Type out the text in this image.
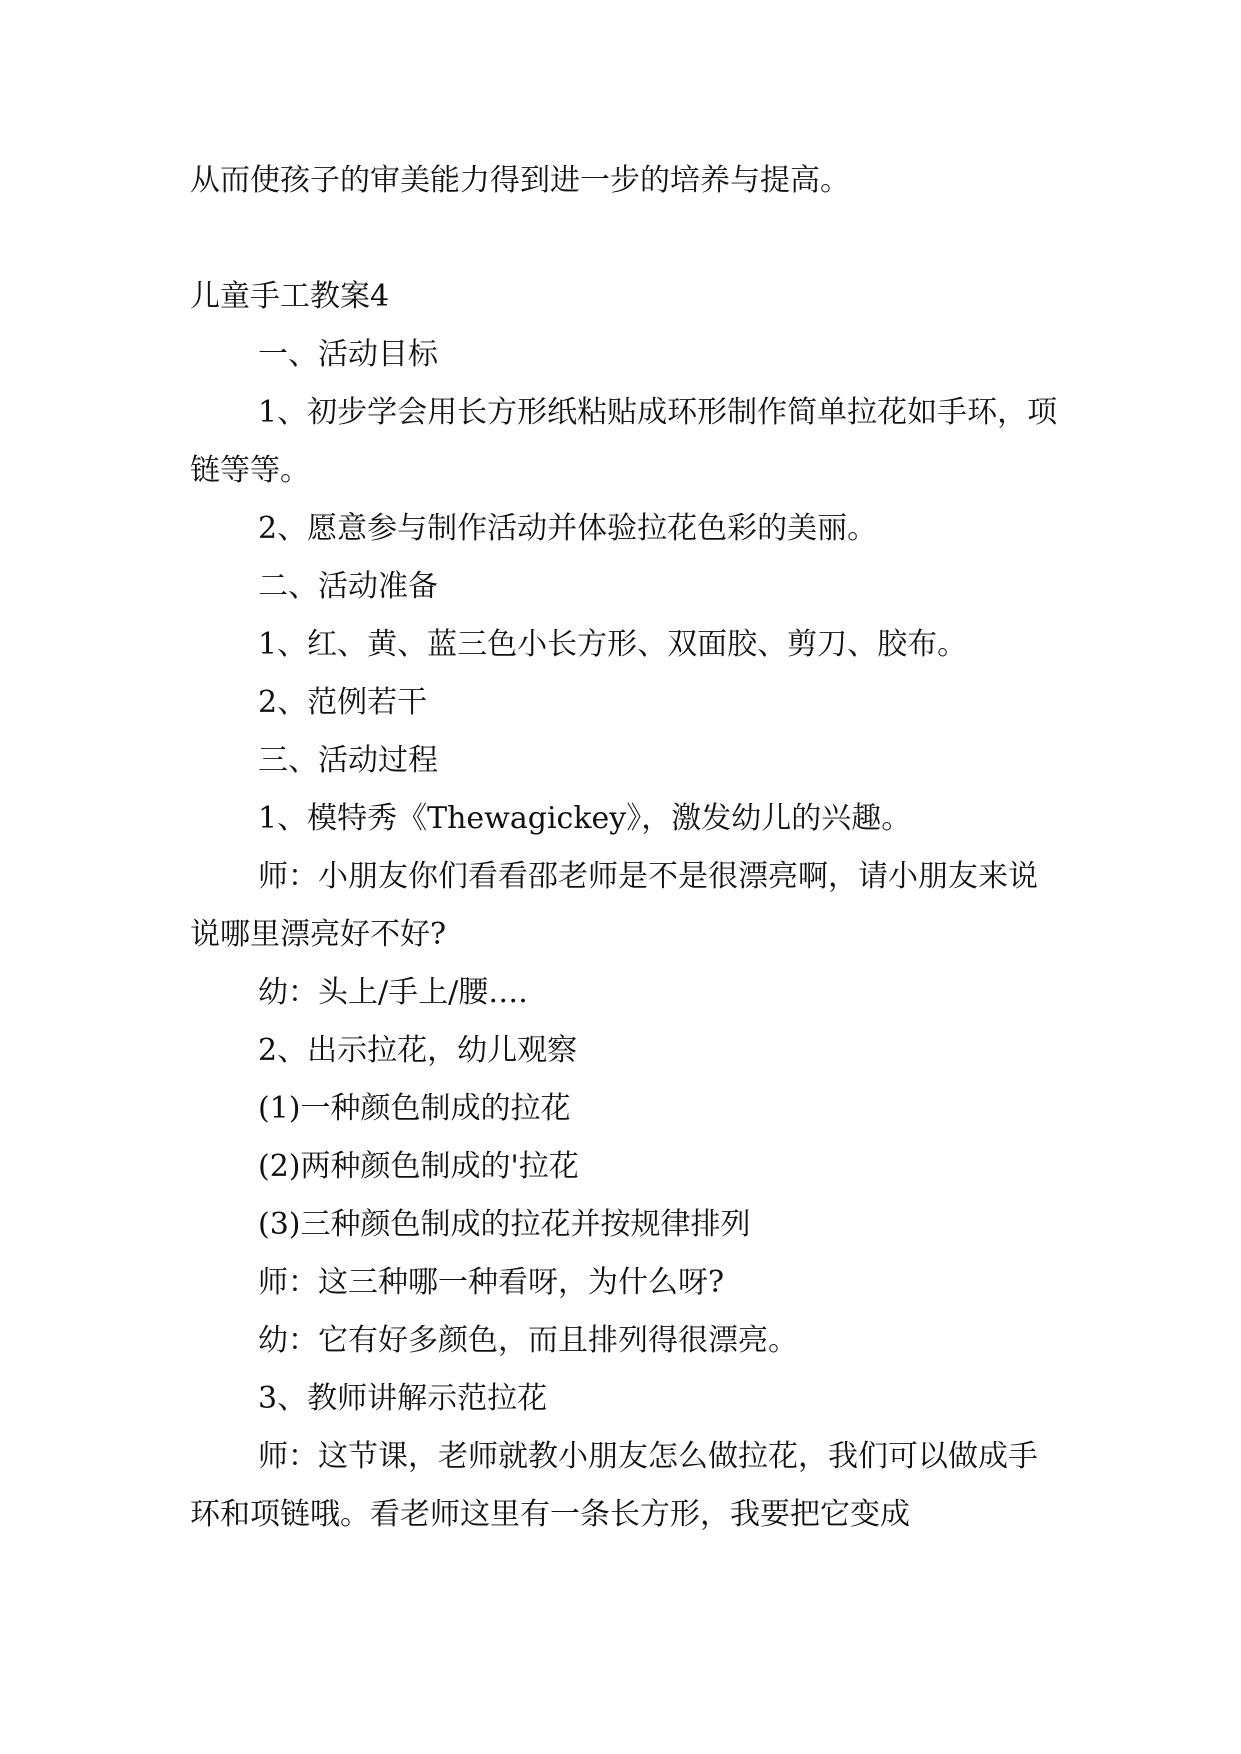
从而使孩子的审美能力得到进一步的培养与提高。

儿童手工教案4

一、活动目标

1、初步学会用长方形纸粘贴成环形制作简单拉花如手环，项链等等。

2、愿意参与制作活动并体验拉花色彩的美丽。

二、活动准备

1、红、黄、蓝三色小长方形、双面胶、剪刀、胶布。

2、范例若干

三、活动过程

1、模特秀《Thewagickey》，激发幼儿的兴趣。

师：小朋友你们看看邵老师是不是很漂亮啊，请小朋友来说说哪里漂亮好不好?

幼：头上/手上/腰….

2、出示拉花，幼儿观察

(1)一种颜色制成的拉花

(2)两种颜色制成的'拉花

(3)三种颜色制成的拉花并按规律排列

师：这三种哪一种看呀，为什么呀?

幼：它有好多颜色，而且排列得很漂亮。

3、教师讲解示范拉花

师：这节课，老师就教小朋友怎么做拉花，我们可以做成手环和项链哦。看老师这里有一条长方形，我要把它变成
